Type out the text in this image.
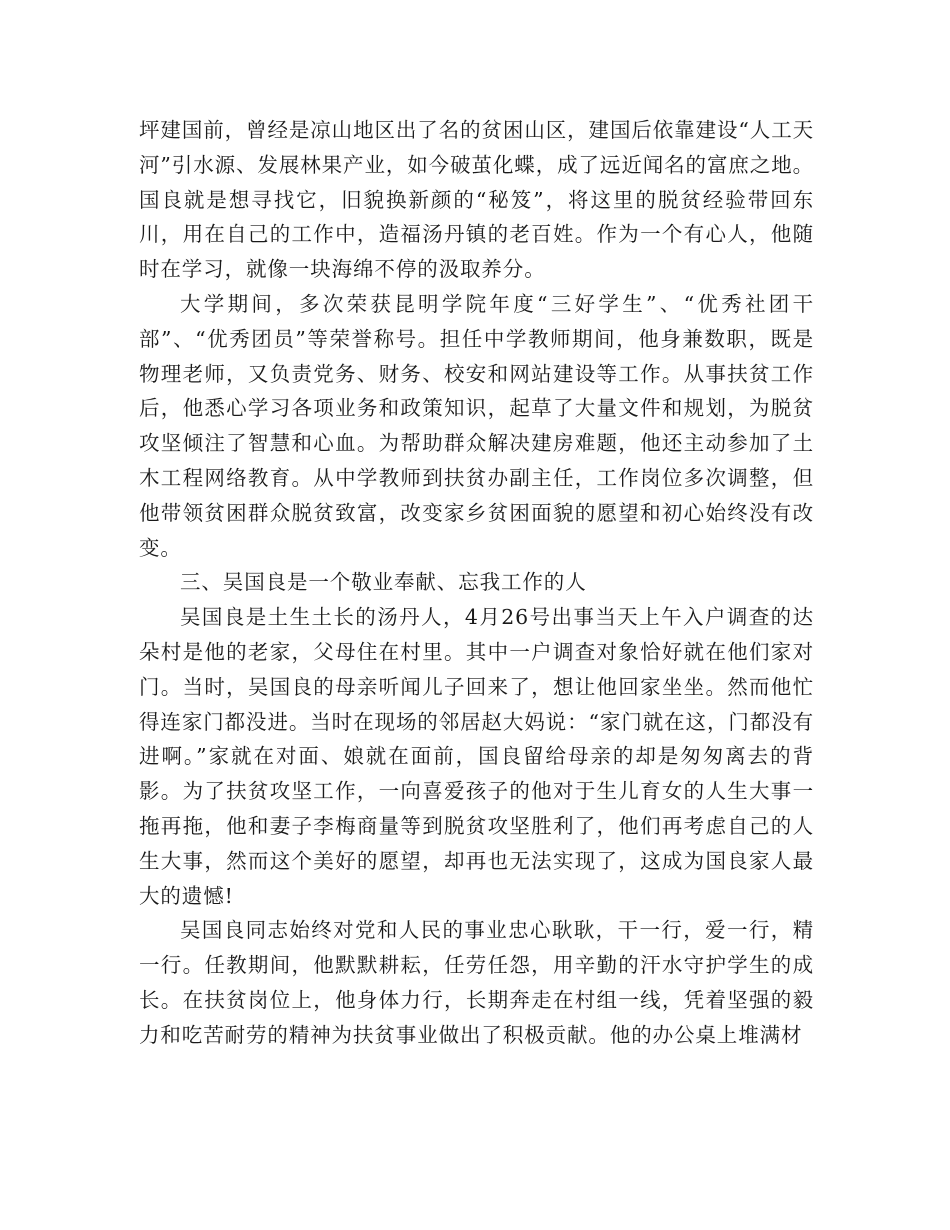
坪建国前，曾经是凉山地区出了名的贫困山区，建国后依靠建设“人工天河”引水源、发展林果产业，如今破茧化蝶，成了远近闻名的富庶之地。国良就是想寻找它，旧貌换新颜的“秘笈”，将这里的脱贫经验带回东川，用在自己的工作中，造福汤丹镇的老百姓。作为一个有心人，他随时在学习，就像一块海绵不停的汲取养分。

大学期间，多次荣获昆明学院年度“三好学生”、“优秀社团干部”、“优秀团员”等荣誉称号。担任中学教师期间，他身兼数职，既是物理老师，又负责党务、财务、校安和网站建设等工作。从事扶贫工作后，他悉心学习各项业务和政策知识，起草了大量文件和规划，为脱贫攻坚倾注了智慧和心血。为帮助群众解决建房难题，他还主动参加了土木工程网络教育。从中学教师到扶贫办副主任，工作岗位多次调整，但他带领贫困群众脱贫致富，改变家乡贫困面貌的愿望和初心始终没有改变。

三、吴国良是一个敬业奉献、忘我工作的人

吴国良是土生土长的汤丹人，4月26号出事当天上午入户调查的达朵村是他的老家，父母住在村里。其中一户调查对象恰好就在他们家对门。当时，吴国良的母亲听闻儿子回来了，想让他回家坐坐。然而他忙得连家门都没进。当时在现场的邻居赵大妈说：“家门就在这，门都没有进啊。”家就在对面、娘就在面前，国良留给母亲的却是匆匆离去的背影。为了扶贫攻坚工作，一向喜爱孩子的他对于生儿育女的人生大事一拖再拖，他和妻子李梅商量等到脱贫攻坚胜利了，他们再考虑自己的人生大事，然而这个美好的愿望，却再也无法实现了，这成为国良家人最大的遗憾!

吴国良同志始终对党和人民的事业忠心耿耿，干一行，爱一行，精一行。任教期间，他默默耕耘，任劳任怨，用辛勤的汗水守护学生的成长。在扶贫岗位上，他身体力行，长期奔走在村组一线，凭着坚强的毅力和吃苦耐劳的精神为扶贫事业做出了积极贡献。他的办公桌上堆满材
